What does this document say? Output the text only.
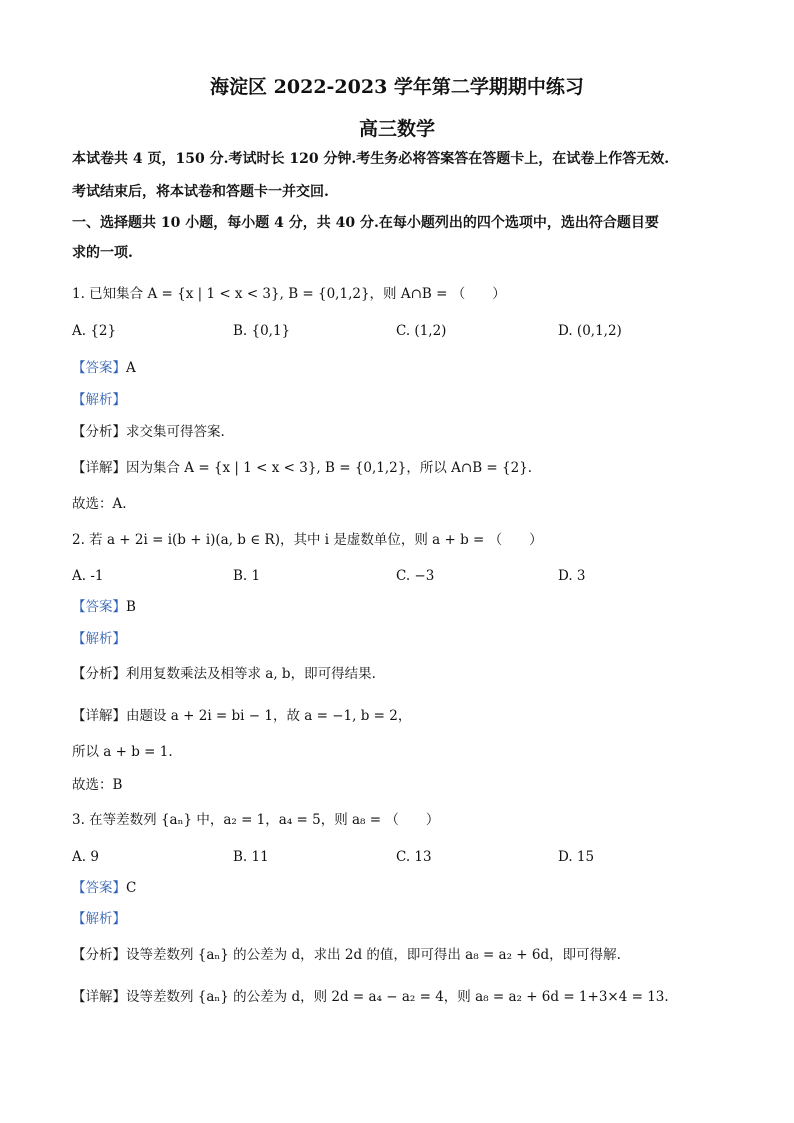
海淀区 2022-2023 学年第二学期期中练习
高三数学
本试卷共 4 页，150 分.考试时长 120 分钟.考生务必将答案答在答题卡上，在试卷上作答无效.
考试结束后，将本试卷和答题卡一并交回.
一、选择题共 10 小题，每小题 4 分，共 40 分.在每小题列出的四个选项中，选出符合题目要
求的一项.
1. 已知集合 A = {x | 1 < x < 3}, B = {0,1,2}，则 A∩B = （　　）
A. {2}	B. {0,1}	C. (1,2)	D. (0,1,2)
【答案】A
【解析】
【分析】求交集可得答案.
【详解】因为集合 A = {x | 1 < x < 3}, B = {0,1,2}，所以 A∩B = {2}.
故选：A.
2. 若 a + 2i = i(b + i)(a, b ∈ R)，其中 i 是虚数单位，则 a + b = （　　）
A. -1	B. 1	C. −3	D. 3
【答案】B
【解析】
【分析】利用复数乘法及相等求 a, b，即可得结果.
【详解】由题设 a + 2i = bi − 1，故 a = −1, b = 2，
所以 a + b = 1.
故选：B
3. 在等差数列 {aₙ} 中，a₂ = 1，a₄ = 5，则 a₈ = （　　）
A. 9	B. 11	C. 13	D. 15
【答案】C
【解析】
【分析】设等差数列 {aₙ} 的公差为 d，求出 2d 的值，即可得出 a₈ = a₂ + 6d，即可得解.
【详解】设等差数列 {aₙ} 的公差为 d，则 2d = a₄ − a₂ = 4，则 a₈ = a₂ + 6d = 1+3×4 = 13.
